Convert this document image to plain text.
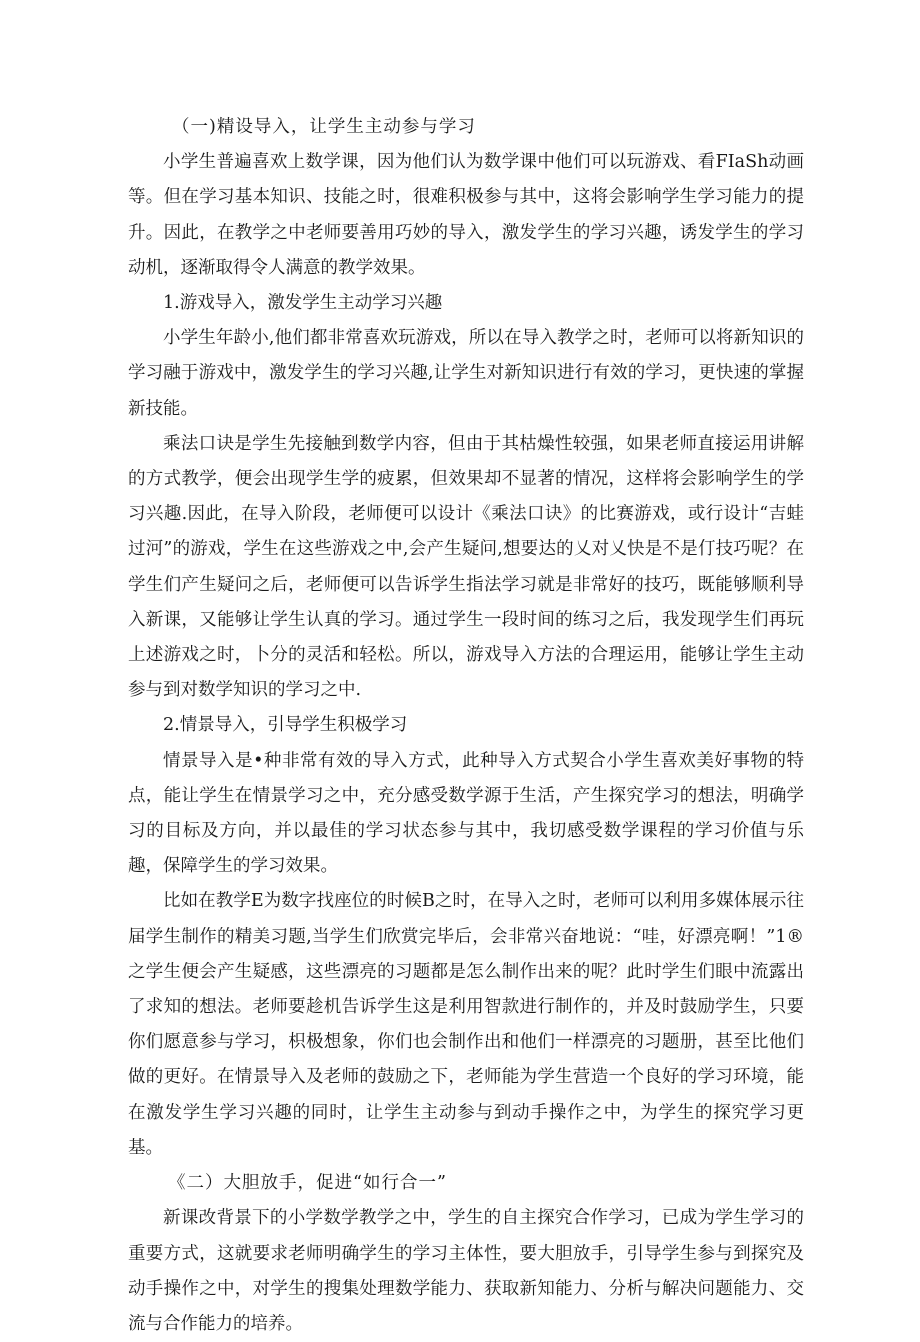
（一)精设导入，让学生主动参与学习

小学生普遍喜欢上数学课，因为他们认为数学课中他们可以玩游戏、看FIaSh动画等。但在学习基本知识、技能之时，很难积极参与其中，这将会影响学生学习能力的提升。因此，在教学之中老师要善用巧妙的导入，激发学生的学习兴趣，诱发学生的学习动机，逐渐取得令人满意的教学效果。

1.游戏导入，激发学生主动学习兴趣

小学生年龄小,他们都非常喜欢玩游戏，所以在导入教学之时，老师可以将新知识的学习融于游戏中，激发学生的学习兴趣,让学生对新知识进行有效的学习，更快速的掌握新技能。

乘法口诀是学生先接触到数学内容，但由于其枯燥性较强，如果老师直接运用讲解的方式教学，便会出现学生学的疲累，但效果却不显著的情况，这样将会影响学生的学习兴趣.因此，在导入阶段，老师便可以设计《乘法口诀》的比赛游戏，或行设计“吉蛙过河”的游戏，学生在这些游戏之中,会产生疑问,想要达的乂对乂快是不是仃技巧呢？在学生们产生疑问之后，老师便可以告诉学生指法学习就是非常好的技巧，既能够顺利导入新课，又能够让学生认真的学习。通过学生一段时间的练习之后，我发现学生们再玩上述游戏之时，卜分的灵活和轻松。所以，游戏导入方法的合理运用，能够让学生主动参与到对数学知识的学习之中.

2.情景导入，引导学生积极学习

情景导入是•种非常有效的导入方式，此种导入方式契合小学生喜欢美好事物的特点，能让学生在情景学习之中，充分感受数学源于生活，产生探究学习的想法，明确学习的目标及方向，并以最佳的学习状态参与其中，我切感受数学课程的学习价值与乐趣，保障学生的学习效果。

比如在教学E为数字找座位的时候B之时，在导入之时，老师可以利用多媒体展示往届学生制作的精美习题,当学生们欣赏完毕后，会非常兴奋地说：“哇，好漂亮啊！”1®之学生便会产生疑感，这些漂亮的习题都是怎么制作出来的呢？此时学生们眼中流露出了求知的想法。老师要趁机告诉学生这是利用智款进行制作的，并及时鼓励学生，只要你们愿意参与学习，枳极想象，你们也会制作出和他们一样漂亮的习题册，甚至比他们做的更好。在情景导入及老师的鼓励之下，老师能为学生营造一个良好的学习环境，能在激发学生学习兴趣的同时，让学生主动参与到动手操作之中，为学生的探究学习更基。

《二）大胆放手，促进“如行合一”

新课改背景下的小学数学教学之中，学生的自主探究合作学习，已成为学生学习的重要方式，这就要求老师明确学生的学习主体性，要大胆放手，引导学生参与到探究及动手操作之中，对学生的搜集处理数学能力、获取新知能力、分析与解决问题能力、交流与合作能力的培养。
